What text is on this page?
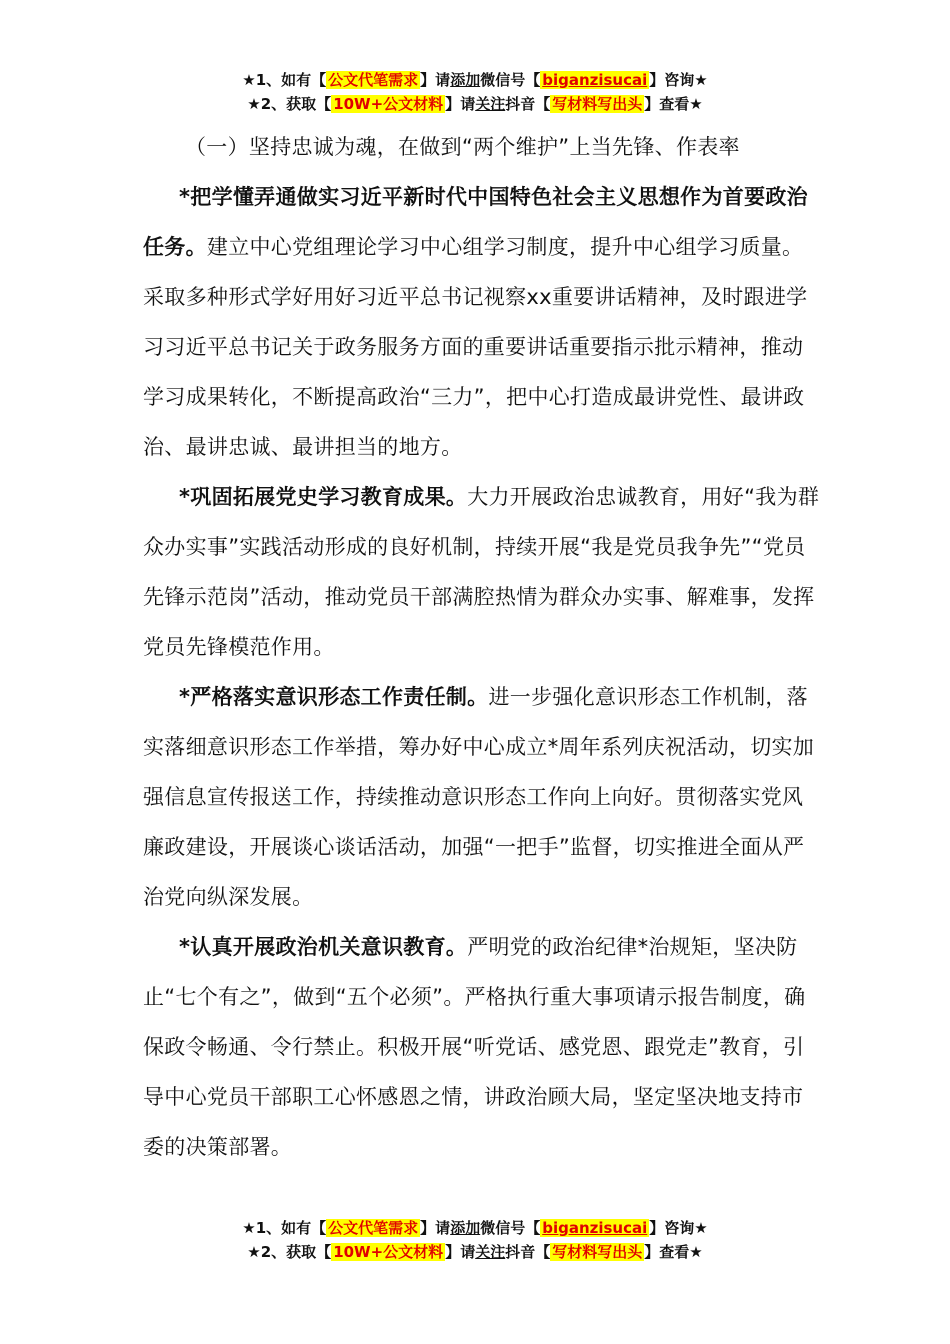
★1、如有【 公文代笔需求 】请添加微信号【 biganzisucai 】咨询★
★2、获取【 10W+公文材料 】请关注抖音【 写材料写出头 】查看★

（一）坚持忠诚为魂，在做到“两个维护”上当先锋、作表率

*把学懂弄通做实习近平新时代中国特色社会主义思想作为首要政治任务。建立中心党组理论学习中心组学习制度，提升中心组学习质量。采取多种形式学好用好习近平总书记视察xx重要讲话精神，及时跟进学习习近平总书记关于政务服务方面的重要讲话重要指示批示精神，推动学习成果转化，不断提高政治“三力”，把中心打造成最讲党性、最讲政治、最讲忠诚、最讲担当的地方。

*巩固拓展党史学习教育成果。大力开展政治忠诚教育，用好“我为群众办实事”实践活动形成的良好机制，持续开展“我是党员我争先”“党员先锋示范岗”活动，推动党员干部满腔热情为群众办实事、解难事，发挥党员先锋模范作用。

*严格落实意识形态工作责任制。进一步强化意识形态工作机制，落实落细意识形态工作举措，筹办好中心成立*周年系列庆祝活动，切实加强信息宣传报送工作，持续推动意识形态工作向上向好。贯彻落实党风廉政建设，开展谈心谈话活动，加强“一把手”监督，切实推进全面从严治党向纵深发展。

*认真开展政治机关意识教育。严明党的政治纪律*治规矩，坚决防止“七个有之”，做到“五个必须”。严格执行重大事项请示报告制度，确保政令畅通、令行禁止。积极开展“听党话、感党恩、跟党走”教育，引导中心党员干部职工心怀感恩之情，讲政治顾大局，坚定坚决地支持市委的决策部署。

★1、如有【 公文代笔需求 】请添加微信号【 biganzisucai 】咨询★
★2、获取【 10W+公文材料 】请关注抖音【 写材料写出头 】查看★
